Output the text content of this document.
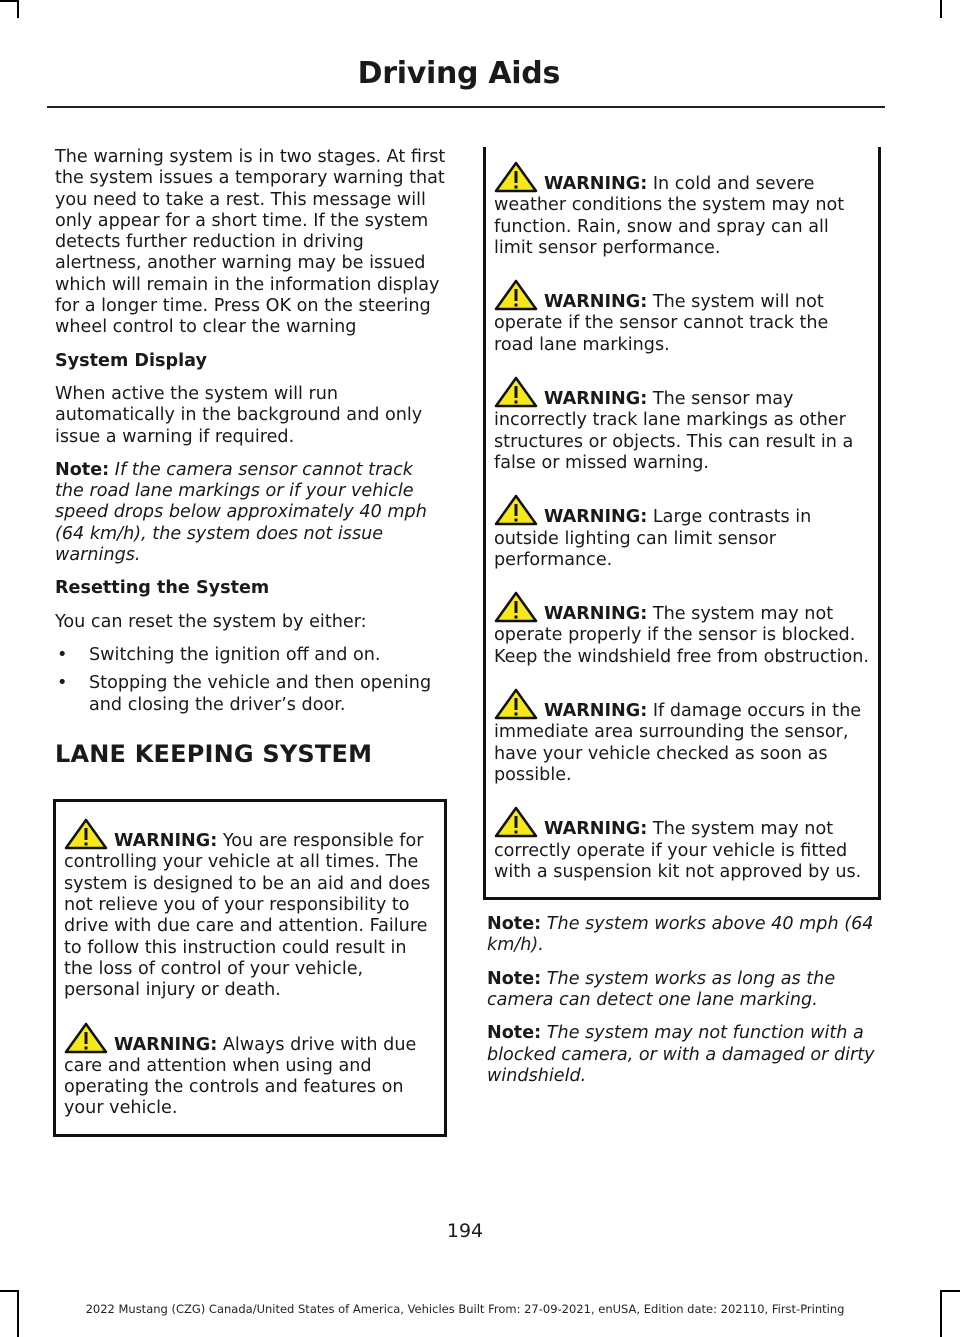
Driving Aids

The warning system is in two stages. At first the system issues a temporary warning that you need to take a rest. This message will only appear for a short time. If the system detects further reduction in driving alertness, another warning may be issued which will remain in the information display for a longer time. Press OK on the steering wheel control to clear the warning

System Display

When active the system will run automatically in the background and only issue a warning if required.

Note: If the camera sensor cannot track the road lane markings or if your vehicle speed drops below approximately 40 mph (64 km/h), the system does not issue warnings.

Resetting the System

You can reset the system by either:

• Switching the ignition off and on.
• Stopping the vehicle and then opening and closing the driver’s door.
LANE KEEPING SYSTEM
WARNING: You are responsible for controlling your vehicle at all times. The system is designed to be an aid and does not relieve you of your responsibility to drive with due care and attention. Failure to follow this instruction could result in the loss of control of your vehicle, personal injury or death.
WARNING: Always drive with due care and attention when using and operating the controls and features on your vehicle.
WARNING: In cold and severe weather conditions the system may not function. Rain, snow and spray can all limit sensor performance.
WARNING: The system will not operate if the sensor cannot track the road lane markings.
WARNING: The sensor may incorrectly track lane markings as other structures or objects. This can result in a false or missed warning.
WARNING: Large contrasts in outside lighting can limit sensor performance.
WARNING: The system may not operate properly if the sensor is blocked. Keep the windshield free from obstruction.
WARNING: If damage occurs in the immediate area surrounding the sensor, have your vehicle checked as soon as possible.
WARNING: The system may not correctly operate if your vehicle is fitted with a suspension kit not approved by us.

Note: The system works above 40 mph (64 km/h).

Note: The system works as long as the camera can detect one lane marking.

Note: The system may not function with a blocked camera, or with a damaged or dirty windshield.

194
2022 Mustang (CZG) Canada/United States of America, Vehicles Built From: 27-09-2021, enUSA, Edition date: 202110, First-Printing
